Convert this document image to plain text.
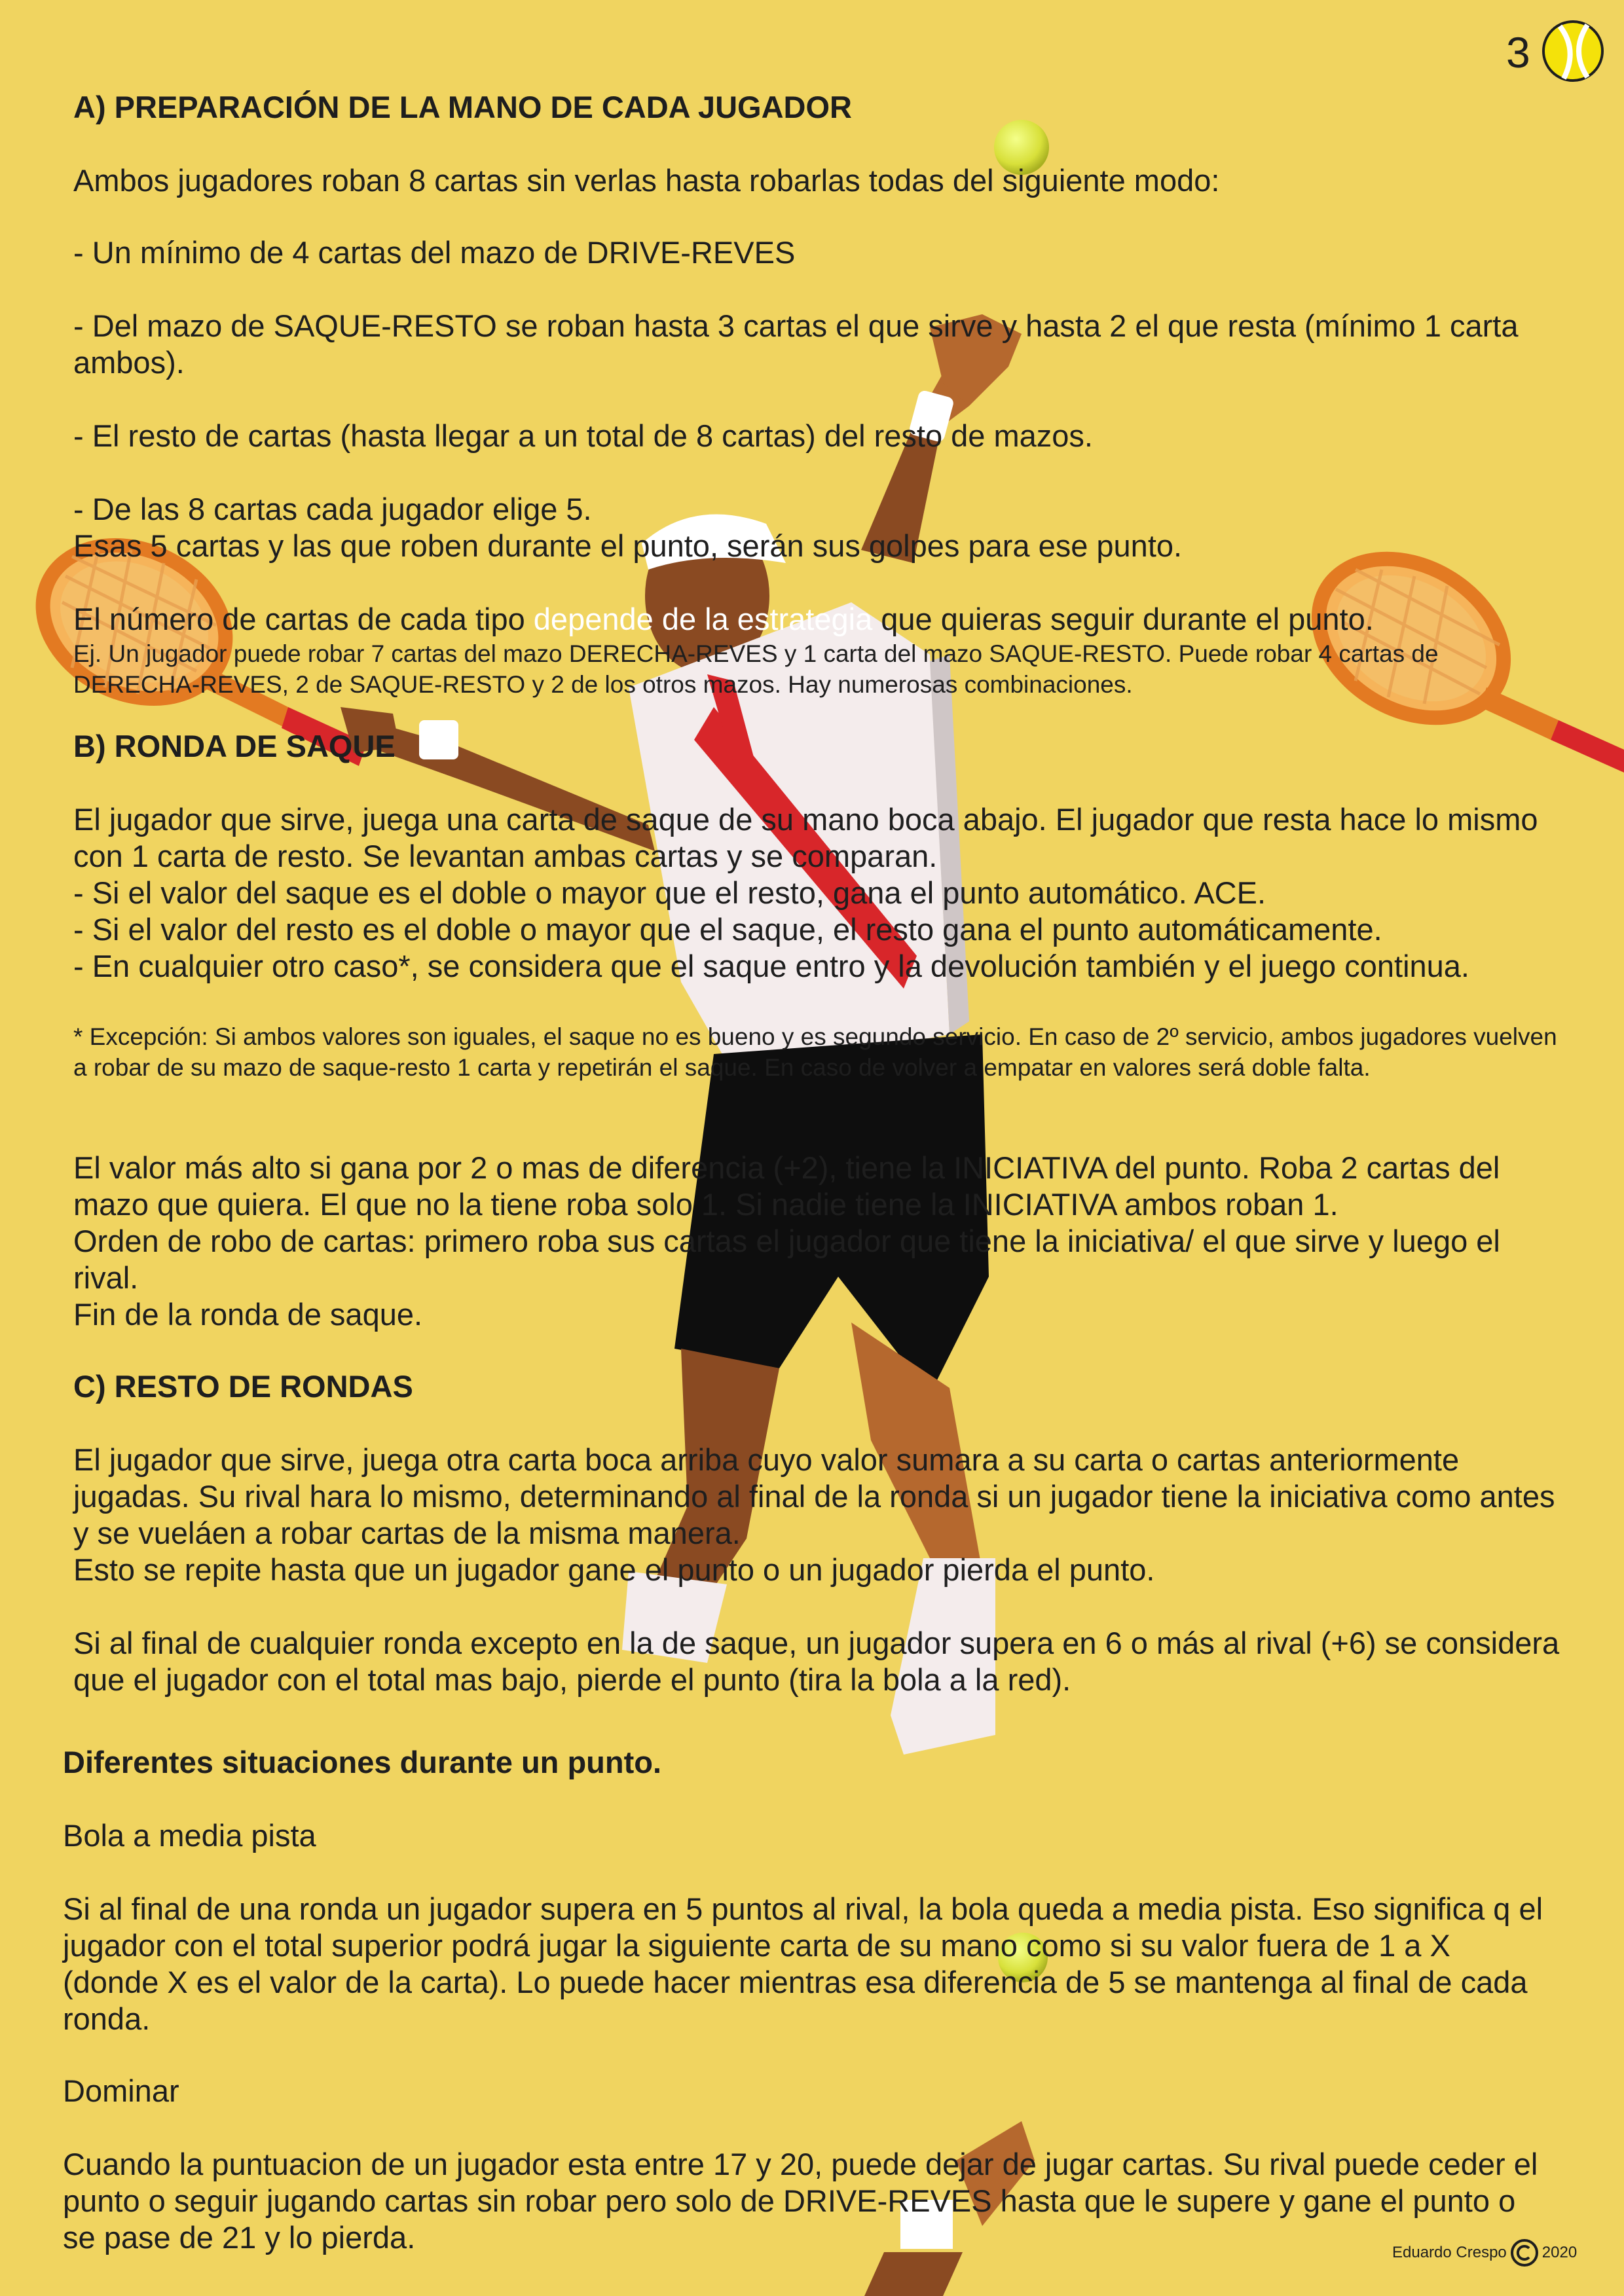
3

A) PREPARACIÓN DE LA MANO DE CADA JUGADOR

Ambos jugadores roban 8 cartas sin verlas hasta robarlas todas del siguiente modo:

- Un mínimo de 4 cartas del mazo de DRIVE-REVES

- Del mazo de SAQUE-RESTO se roban hasta 3 cartas el que sirve y hasta 2 el que resta (mínimo 1 carta ambos).

- El resto de cartas (hasta llegar a un total de 8 cartas) del resto de mazos.

- De las 8 cartas cada jugador elige 5.

Esas 5 cartas y las que roben durante el punto, serán sus golpes para ese punto.

El número de cartas de cada tipo depende de la estrategia que quieras seguir durante el punto.

Ej. Un jugador puede robar 7 cartas del mazo DERECHA-REVES y 1 carta del mazo SAQUE-RESTO. Puede robar 4 cartas de DERECHA-REVES, 2 de SAQUE-RESTO y 2 de los otros mazos. Hay numerosas combinaciones.

B) RONDA DE SAQUE

El jugador que sirve, juega una carta de saque de su mano boca abajo. El jugador que resta hace lo mismo con 1 carta de resto. Se levantan ambas cartas y se comparan.

- Si el valor del saque es el doble o mayor que el resto, gana el punto automático. ACE.

- Si el valor del resto es el doble o mayor que el saque, el resto gana el punto automáticamente.

- En cualquier otro caso*, se considera que el saque entro y la devolución también y el juego continua.

* Excepción: Si ambos valores son iguales, el saque no es bueno y es segundo servicio. En caso de 2º servicio, ambos jugadores vuelven a robar de su mazo de saque-resto 1 carta y repetirán el saque. En caso de volver a empatar en valores será doble falta.

El valor más alto si gana por 2 o mas de diferencia (+2), tiene la INICIATIVA del punto. Roba 2 cartas del mazo que quiera. El que no la tiene roba solo 1. Si nadie tiene la INICIATIVA ambos roban 1.

Orden de robo de cartas: primero roba sus cartas el jugador que tiene la iniciativa/ el que sirve y luego el rival.

Fin de la ronda de saque.

C) RESTO DE RONDAS

El jugador que sirve, juega otra carta boca arriba cuyo valor sumara a su carta o cartas anteriormente jugadas. Su rival hara lo mismo, determinando al final de la ronda si un jugador tiene la iniciativa como antes y se vueláen a robar cartas de la misma manera.

Esto se repite hasta que un jugador gane el punto o un jugador pierda el punto.

Si al final de cualquier ronda excepto en la de saque, un jugador supera en 6 o más al rival (+6) se considera que el jugador con el total mas bajo, pierde el punto (tira la bola a la red).

Diferentes situaciones durante un punto.

Bola a media pista

Si al final de una ronda un jugador supera en 5 puntos al rival, la bola queda a media pista. Eso significa q el jugador con el total superior podrá jugar la siguiente carta de su mano como si su valor fuera de 1 a X (donde X es el valor de la carta). Lo puede hacer mientras esa diferencia de 5 se mantenga al final de cada ronda.

Dominar

Cuando la puntuacion de un jugador esta entre 17 y 20, puede dejar de jugar cartas. Su rival puede ceder el punto o seguir jugando cartas sin robar pero solo de DRIVE-REVES hasta que le supere y gane el punto o se pase de 21 y lo pierda.	Eduardo Crespo 2020
